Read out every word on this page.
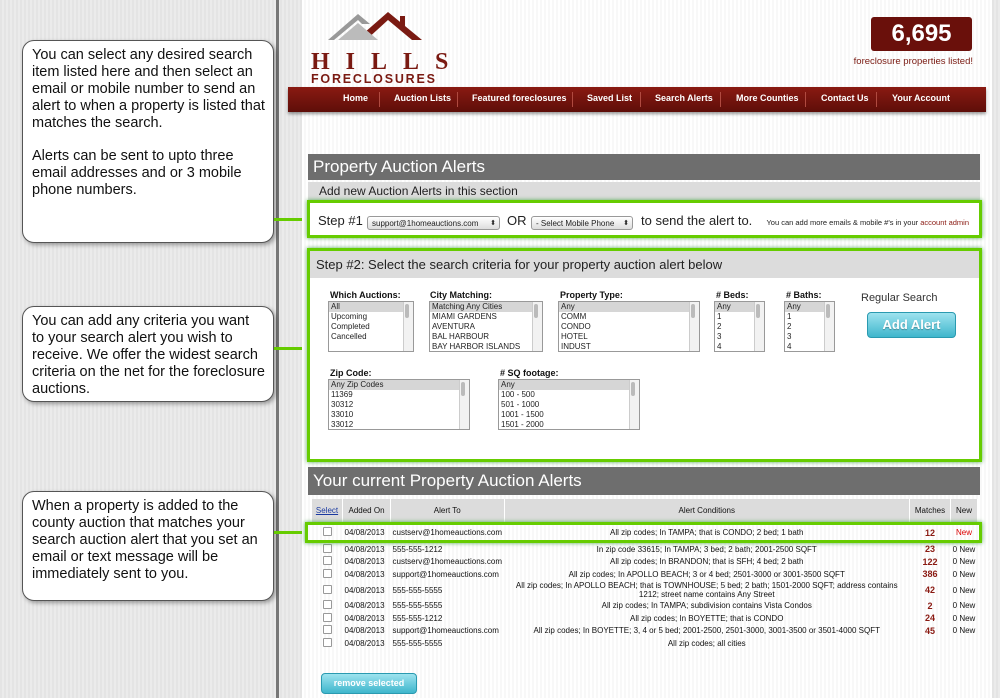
You can select any desired search item listed here and then select an email or mobile number to send an alert to when a property is listed that matches the search.

Alerts can be sent to upto three email addresses and or 3 mobile phone numbers.

You can add any criteria you want to your search alert you wish to receive. We offer the widest search criteria on the net for the foreclosure auctions.

When a property is added to the county auction that matches your search auction alert that you set an email or text message will be immediately sent to you.

HILLS
FORECLOSURES
6,695
foreclosure properties listed!
Home	Auction Lists Featured foreclosures Saved List	Search Alerts	More Counties Contact Us	Your Account
Property Auction Alerts
Add new Auction Alerts in this section
Step #1	support@1homeauctions.com ⬍ OR	- Select Mobile Phone ⬍ to send the alert to. You can add more emails & mobile #'s in your account admin
Step #2: Select the search criteria for your property auction alert below
Which Auctions:
All
Upcoming
Completed
Cancelled
City Matching:
Matching Any Cities
MIAMI GARDENS
AVENTURA
BAL HARBOUR
BAY HARBOR ISLANDS
Property Type:
Any
COMM
CONDO
HOTEL
INDUST
# Beds:
Any
1
2
3
4
# Baths:
Any
1
2
3
4
Regular Search
Add Alert
Zip Code:
Any Zip Codes
11369
30312
33010
33012
# SQ footage:
Any
100 - 500
501 - 1000
1001 - 1500
1501 - 2000
Your current Property Auction Alerts
Select	Added On	Alert To	Alert Conditions	Matches	New
	04/08/2013	custserv@1homeauctions.com	All zip codes; In TAMPA; that is CONDO; 2 bed; 1 bath	12	New
	04/08/2013	555-555-1212	In zip code 33615; In TAMPA; 3 bed; 2 bath; 2001-2500 SQFT	23	0 New
	04/08/2013	custserv@1homeauctions.com	All zip codes; In BRANDON; that is SFH; 4 bed; 2 bath	122	0 New
	04/08/2013	support@1homeauctions.com	All zip codes; In APOLLO BEACH; 3 or 4 bed; 2501-3000 or 3001-3500 SQFT	386	0 New
	04/08/2013	555-555-5555	All zip codes; In APOLLO BEACH; that is TOWNHOUSE; 5 bed; 2 bath; 1501-2000 SQFT; address contains 1212; street name contains Any Street	42	0 New
	04/08/2013	555-555-5555	All zip codes; In TAMPA; subdivision contains Vista Condos	2	0 New
	04/08/2013	555-555-1212	All zip codes; In BOYETTE; that is CONDO	24	0 New
	04/08/2013	support@1homeauctions.com	All zip codes; In BOYETTE; 3, 4 or 5 bed; 2001-2500, 2501-3000, 3001-3500 or 3501-4000 SQFT	45	0 New
	04/08/2013	555-555-5555	All zip codes; all cities		
remove selected
